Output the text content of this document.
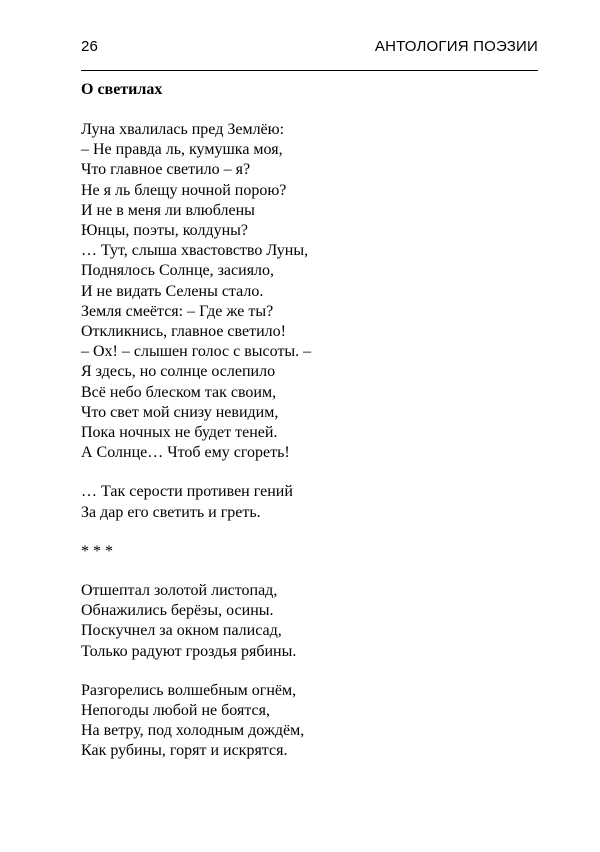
26	АНТОЛОГИЯ ПОЭЗИИ
О светилах
Луна хвалилась пред Землёю:
– Не правда ль, кумушка моя,
Что главное светило – я?
Не я ль блещу ночной порою?
И не в меня ли влюблены
Юнцы, поэты, колдуны?
… Тут, слыша хвастовство Луны,
Поднялось Солнце, засияло,
И не видать Селены стало.
Земля смеётся: – Где же ты?
Откликнись, главное светило!
– Ох! – слышен голос с высоты. –
Я здесь, но солнце ослепило
Всё небо блеском так своим,
Что свет мой снизу невидим,
Пока ночных не будет теней.
А Солнце… Чтоб ему сгореть!
… Так серости противен гений
За дар его светить и греть.
* * *
Отшептал золотой листопад,
Обнажились берёзы, осины.
Поскучнел за окном палисад,
Только радуют гроздья рябины.
Разгорелись волшебным огнём,
Непогоды любой не боятся,
На ветру, под холодным дождём,
Как рубины, горят и искрятся.
